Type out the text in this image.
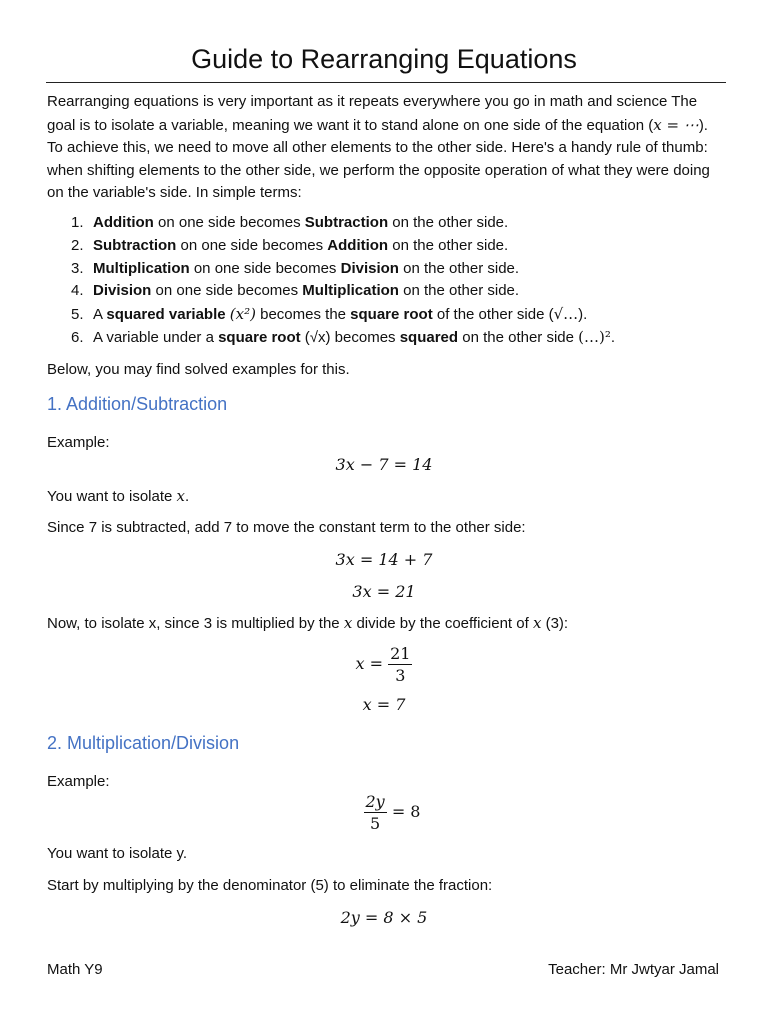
Guide to Rearranging Equations
Rearranging equations is very important as it repeats everywhere you go in math and science The goal is to isolate a variable, meaning we want it to stand alone on one side of the equation (x = ⋯). To achieve this, we need to move all other elements to the other side. Here's a handy rule of thumb: when shifting elements to the other side, we perform the opposite operation of what they were doing on the variable's side. In simple terms:
1. Addition on one side becomes Subtraction on the other side.
2. Subtraction on one side becomes Addition on the other side.
3. Multiplication on one side becomes Division on the other side.
4. Division on one side becomes Multiplication on the other side.
5. A squared variable (x²) becomes the square root of the other side (√…).
6. A variable under a square root (√x) becomes squared on the other side (…)².
Below, you may find solved examples for this.
1. Addition/Subtraction
Example:
3x − 7 = 14
You want to isolate x.
Since 7 is subtracted, add 7 to move the constant term to the other side:
3x = 14 + 7
3x = 21
Now, to isolate x, since 3 is multiplied by the x divide by the coefficient of x (3):
$x = \frac{21}{3}$
x = 7
2. Multiplication/Division
Example:
$\frac{2y}{5} = 8$
You want to isolate y.
Start by multiplying by the denominator (5) to eliminate the fraction:
2y = 8 × 5
Math Y9	Teacher: Mr Jwtyar Jamal
